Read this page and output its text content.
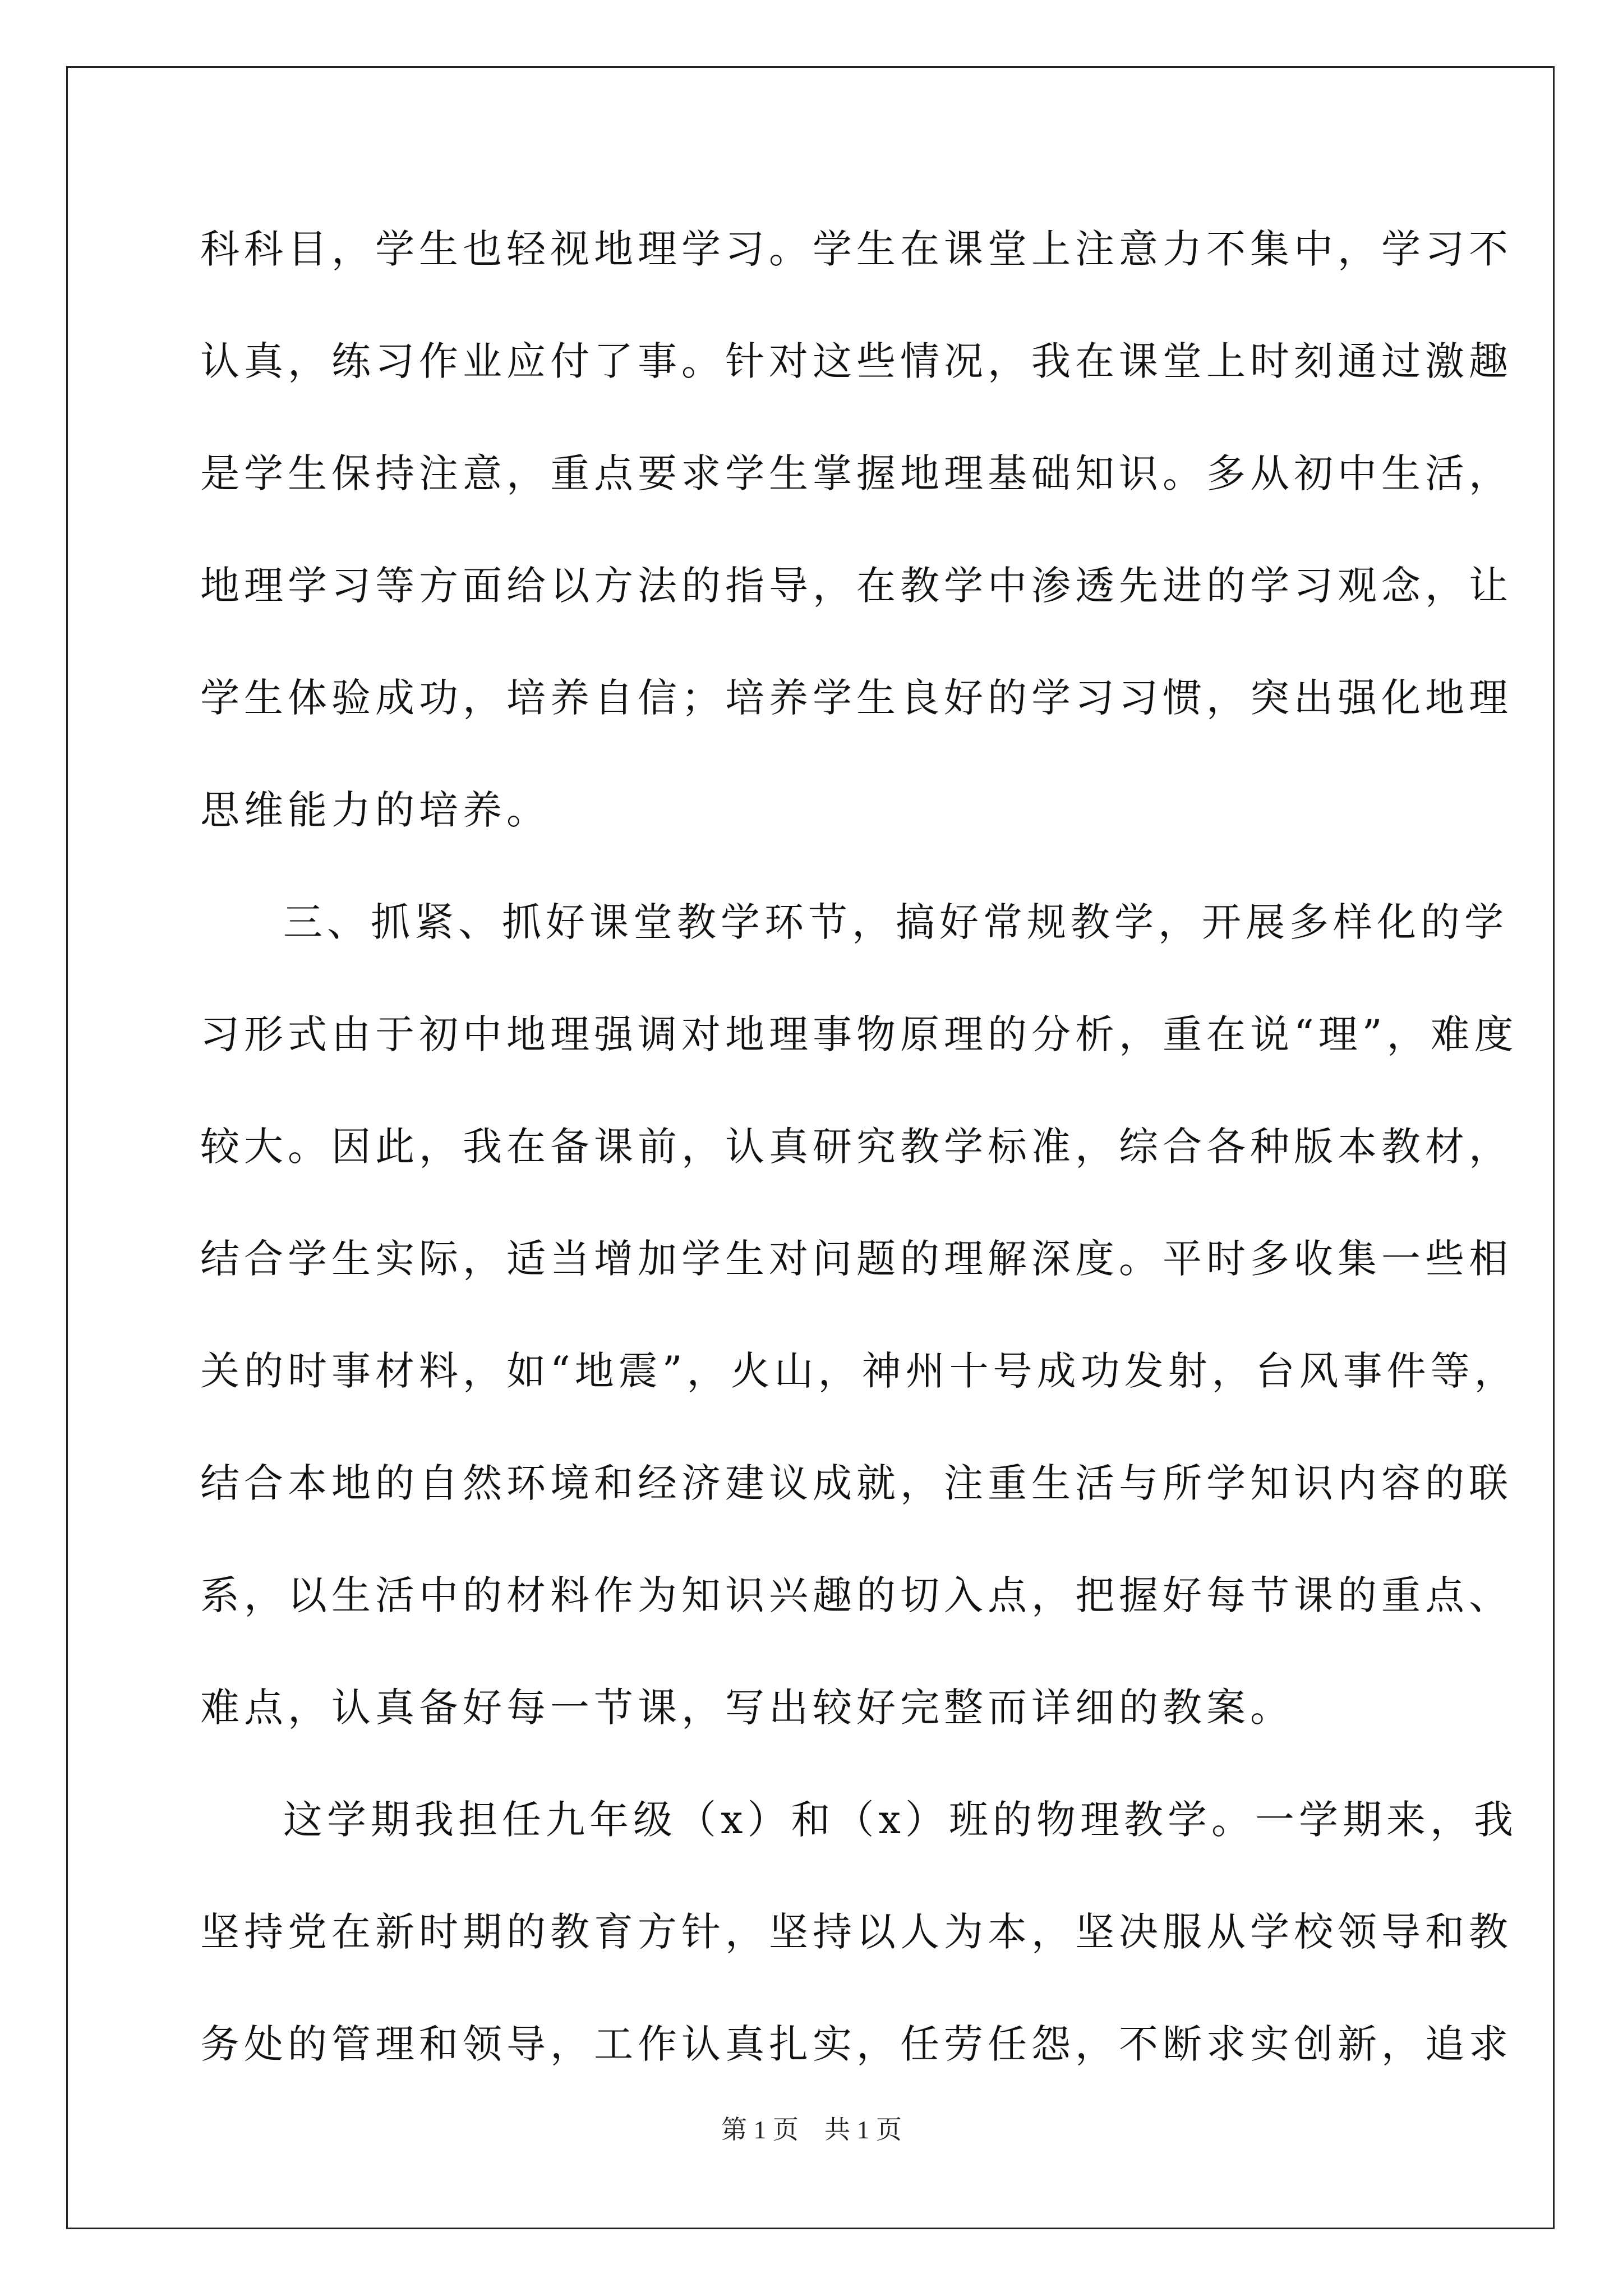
科科目，学生也轻视地理学习。学生在课堂上注意力不集中，学习不
认真，练习作业应付了事。针对这些情况，我在课堂上时刻通过激趣
是学生保持注意，重点要求学生掌握地理基础知识。多从初中生活，
地理学习等方面给以方法的指导，在教学中渗透先进的学习观念，让
学生体验成功，培养自信；培养学生良好的学习习惯，突出强化地理
思维能力的培养。
三、抓紧、抓好课堂教学环节，搞好常规教学，开展多样化的学
习形式由于初中地理强调对地理事物原理的分析，重在说“理”，难度
较大。因此，我在备课前，认真研究教学标准，综合各种版本教材，
结合学生实际，适当增加学生对问题的理解深度。平时多收集一些相
关的时事材料，如“地震”，火山，神州十号成功发射，台风事件等，
结合本地的自然环境和经济建议成就，注重生活与所学知识内容的联
系，以生活中的材料作为知识兴趣的切入点，把握好每节课的重点、
难点，认真备好每一节课，写出较好完整而详细的教案。
这学期我担任九年级（x）和（x）班的物理教学。一学期来，我
坚持党在新时期的教育方针，坚持以人为本，坚决服从学校领导和教
务处的管理和领导，工作认真扎实，任劳任怨，不断求实创新，追求
第 1 页    共 1 页
